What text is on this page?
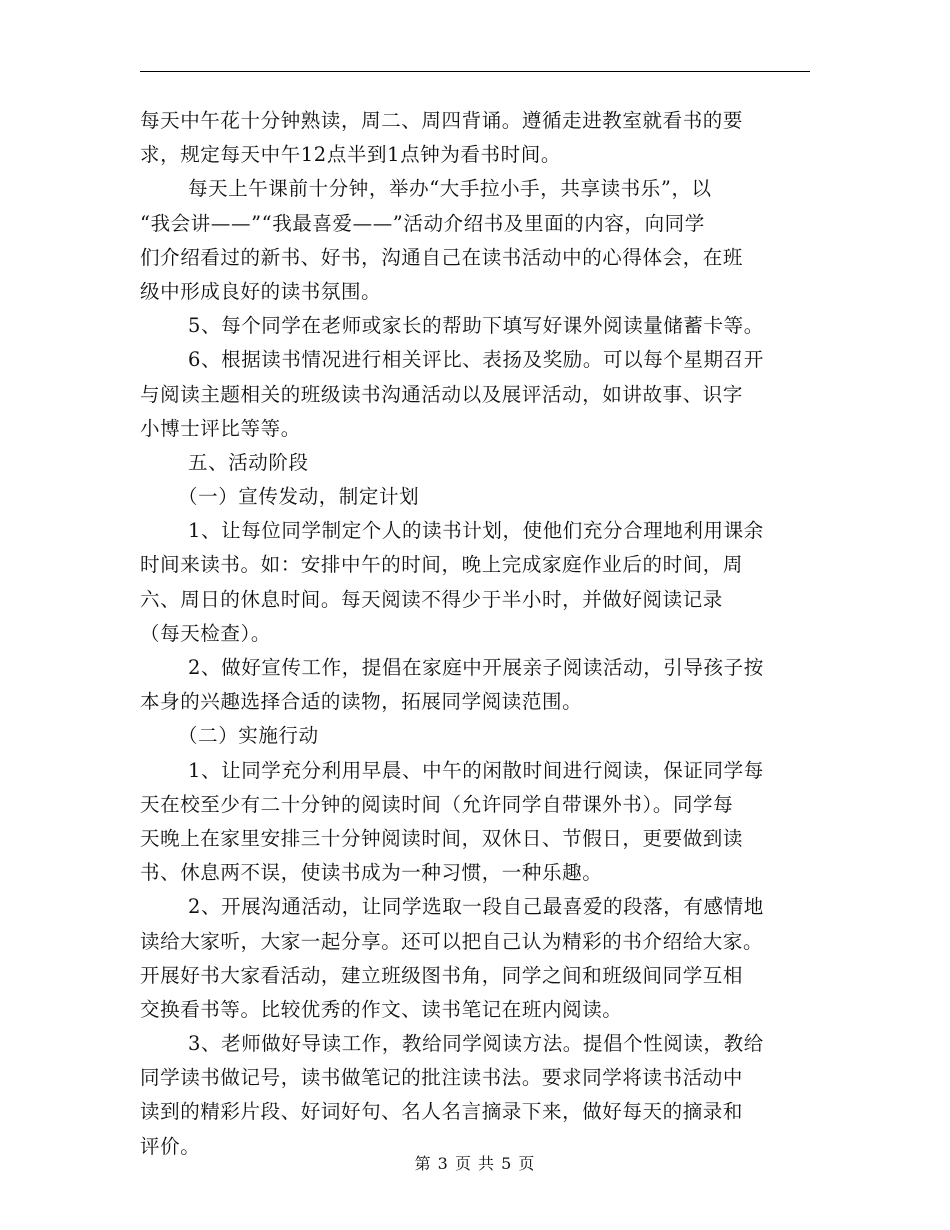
每天中午花十分钟熟读，周二、周四背诵。遵循走进教室就看书的要
求，规定每天中午12点半到1点钟为看书时间。
每天上午课前十分钟，举办“大手拉小手，共享读书乐”，以
“我会讲——”“我最喜爱——”活动介绍书及里面的内容，向同学
们介绍看过的新书、好书，沟通自己在读书活动中的心得体会，在班
级中形成良好的读书氛围。
5、每个同学在老师或家长的帮助下填写好课外阅读量储蓄卡等。
6、根据读书情况进行相关评比、表扬及奖励。可以每个星期召开
与阅读主题相关的班级读书沟通活动以及展评活动，如讲故事、识字
小博士评比等等。
五、活动阶段
（一）宣传发动，制定计划
1、让每位同学制定个人的读书计划，使他们充分合理地利用课余
时间来读书。如：安排中午的时间，晚上完成家庭作业后的时间，周
六、周日的休息时间。每天阅读不得少于半小时，并做好阅读记录
（每天检查）。
2、做好宣传工作，提倡在家庭中开展亲子阅读活动，引导孩子按
本身的兴趣选择合适的读物，拓展同学阅读范围。
（二）实施行动
1、让同学充分利用早晨、中午的闲散时间进行阅读，保证同学每
天在校至少有二十分钟的阅读时间（允许同学自带课外书）。同学每
天晚上在家里安排三十分钟阅读时间，双休日、节假日，更要做到读
书、休息两不误，使读书成为一种习惯，一种乐趣。
2、开展沟通活动，让同学选取一段自己最喜爱的段落，有感情地
读给大家听，大家一起分享。还可以把自己认为精彩的书介绍给大家。
开展好书大家看活动，建立班级图书角，同学之间和班级间同学互相
交换看书等。比较优秀的作文、读书笔记在班内阅读。
3、老师做好导读工作，教给同学阅读方法。提倡个性阅读，教给
同学读书做记号，读书做笔记的批注读书法。要求同学将读书活动中
读到的精彩片段、好词好句、名人名言摘录下来，做好每天的摘录和
评价。
第 3 页 共 5 页
